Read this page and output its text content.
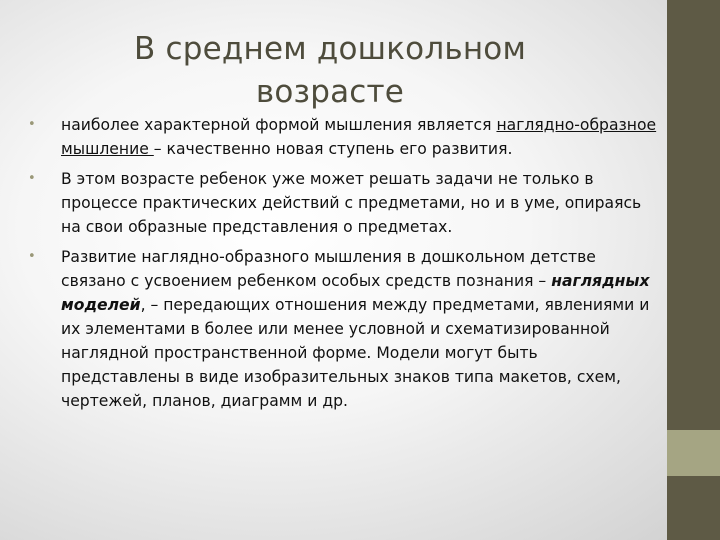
В среднем дошкольном
возрасте
• наиболее характерной формой мышления является наглядно-образное мышление – качественно новая ступень его развития.
• В этом возрасте ребенок уже может решать задачи не только в процессе практических действий с предметами, но и в уме, опираясь на свои образные представления о предметах.
• Развитие наглядно-образного мышления в дошкольном детстве связано с усвоением ребенком особых средств познания – наглядных моделей, – передающих отношения между предметами, явлениями и их элементами в более или менее условной и схематизированной наглядной пространственной форме. Модели могут быть представлены в виде изобразительных знаков типа макетов, схем, чертежей, планов, диаграмм и др.
